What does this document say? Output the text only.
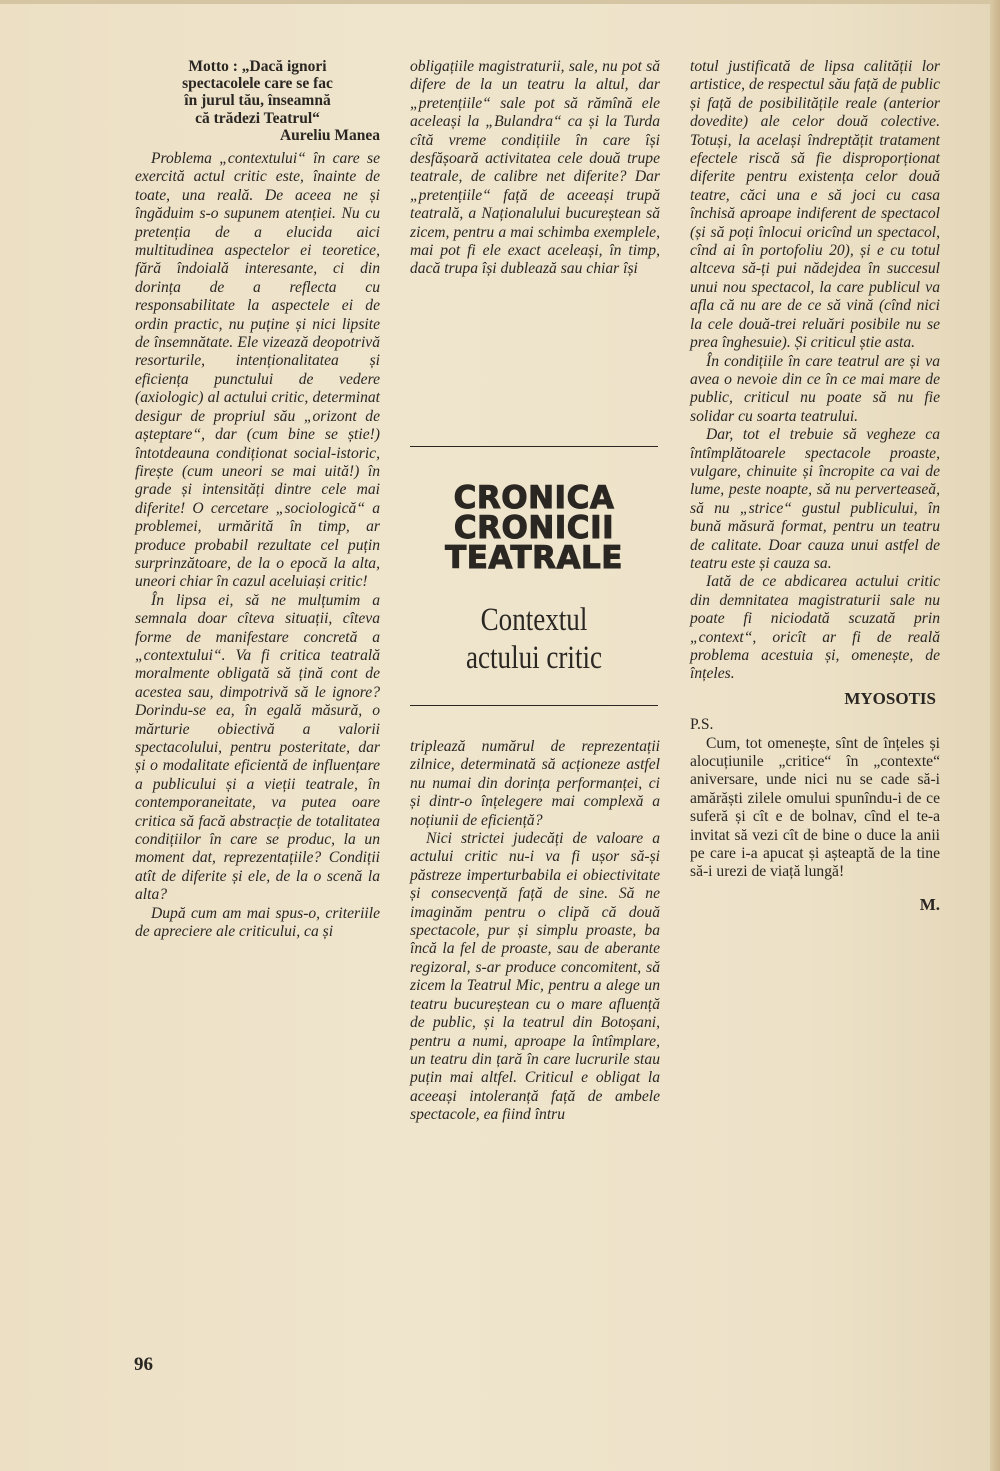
Motto : „Dacă ignori
spectacolele care se fac
în jurul tău, înseamnă
că trădezi Teatrul“
Aureliu Manea

Problema „contextului“ în care se exercită actul critic este, înainte de toate, una reală. De aceea ne și îngăduim s-o supunem atenției. Nu cu pretenția de a elucida aici multitudinea aspectelor ei teoretice, fără îndoială interesante, ci din dorința de a reflecta cu responsabilitate la aspectele ei de ordin practic, nu puține și nici lipsite de însemnătate. Ele vizează deopotrivă resorturile, intenționalitatea și eficiența punctului de vedere (axiologic) al actului critic, determinat desigur de propriul său „orizont de așteptare“, dar (cum bine se știe!) întotdeauna condiționat social-istoric, firește (cum uneori se mai uită!) în grade și intensități dintre cele mai diferite! O cercetare „sociologică“ a problemei, urmărită în timp, ar produce probabil rezultate cel puțin surprinzătoare, de la o epocă la alta, uneori chiar în cazul aceluiași critic!

În lipsa ei, să ne mulțumim a semnala doar cîteva situații, cîteva forme de manifestare concretă a „contextului“. Va fi critica teatrală moralmente obligată să țină cont de acestea sau, dimpotrivă să le ignore? Dorindu-se ea, în egală măsură, o mărturie obiectivă a valorii spectacolului, pentru posteritate, dar și o modalitate eficientă de influențare a publicului și a vieții teatrale, în contemporaneitate, va putea oare critica să facă abstracție de totalitatea condițiilor în care se produc, la un moment dat, reprezentațiile? Condiții atît de diferite și ele, de la o scenă la alta?

După cum am mai spus-o, criteriile de apreciere ale criticului, ca și

obligațiile magistraturii, sale, nu pot să difere de la un teatru la altul, dar „pretențiile“ sale pot să rămînă ele aceleași la „Bulandra“ ca și la Turda cîtă vreme condițiile în care își desfășoară activitatea cele două trupe teatrale, de calibre net diferite? Dar „pretențiile“ față de aceeași trupă teatrală, a Naționalului bucureștean să zicem, pentru a mai schimba exemplele, mai pot fi ele exact aceleași, în timp, dacă trupa își dublează sau chiar își

CRONICA
CRONICII
TEATRALE
Contextul
actului critic

triplează numărul de reprezentații zilnice, determinată să acționeze astfel nu numai din dorința performanței, ci și dintr-o înțelegere mai complexă a noțiunii de eficiență?

Nici strictei judecăți de valoare a actului critic nu-i va fi ușor să-și păstreze imperturbabila ei obiectivitate și consecvență față de sine. Să ne imaginăm pentru o clipă că două spectacole, pur și simplu proaste, ba încă la fel de proaste, sau de aberante regizoral, s-ar produce concomitent, să zicem la Teatrul Mic, pentru a alege un teatru bucureștean cu o mare afluență de public, și la teatrul din Botoșani, pentru a numi, aproape la întîmplare, un teatru din țară în care lucrurile stau puțin mai altfel. Criticul e obligat la aceeași intoleranță față de ambele spectacole, ea fiind întru

totul justificată de lipsa calității lor artistice, de respectul său față de public și față de posibilitățile reale (anterior dovedite) ale celor două colective. Totuși, la același îndreptățit tratament efectele riscă să fie disproporționat diferite pentru existența celor două teatre, căci una e să joci cu casa închisă aproape indiferent de spectacol (și să poți înlocui oricînd un spectacol, cînd ai în portofoliu 20), și e cu totul altceva să-ți pui nădejdea în succesul unui nou spectacol, la care publicul va afla că nu are de ce să vină (cînd nici la cele două-trei reluări posibile nu se prea înghesuie). Și criticul știe asta.

În condițiile în care teatrul are și va avea o nevoie din ce în ce mai mare de public, criticul nu poate să nu fie solidar cu soarta teatrului.

Dar, tot el trebuie să vegheze ca întîmplătoarele spectacole proaste, vulgare, chinuite și încropite ca vai de lume, peste noapte, să nu perverteaseă, să nu „strice“ gustul publicului, în bună măsură format, pentru un teatru de calitate. Doar cauza unui astfel de teatru este și cauza sa.

Iată de ce abdicarea actului critic din demnitatea magistraturii sale nu poate fi niciodată scuzată prin „context“, oricît ar fi de reală problema acestuia și, omenește, de înțeles.

MYOSOTIS
P.S.

Cum, tot omenește, sînt de înțeles și alocuțiunile „critice“ în „contexte“ aniversare, unde nici nu se cade să-i amărăști zilele omului spunîndu-i de ce suferă și cît e de bolnav, cînd el te-a invitat să vezi cît de bine o duce la anii pe care i-a apucat și așteaptă de la tine să-i urezi de viață lungă!

M.
96
